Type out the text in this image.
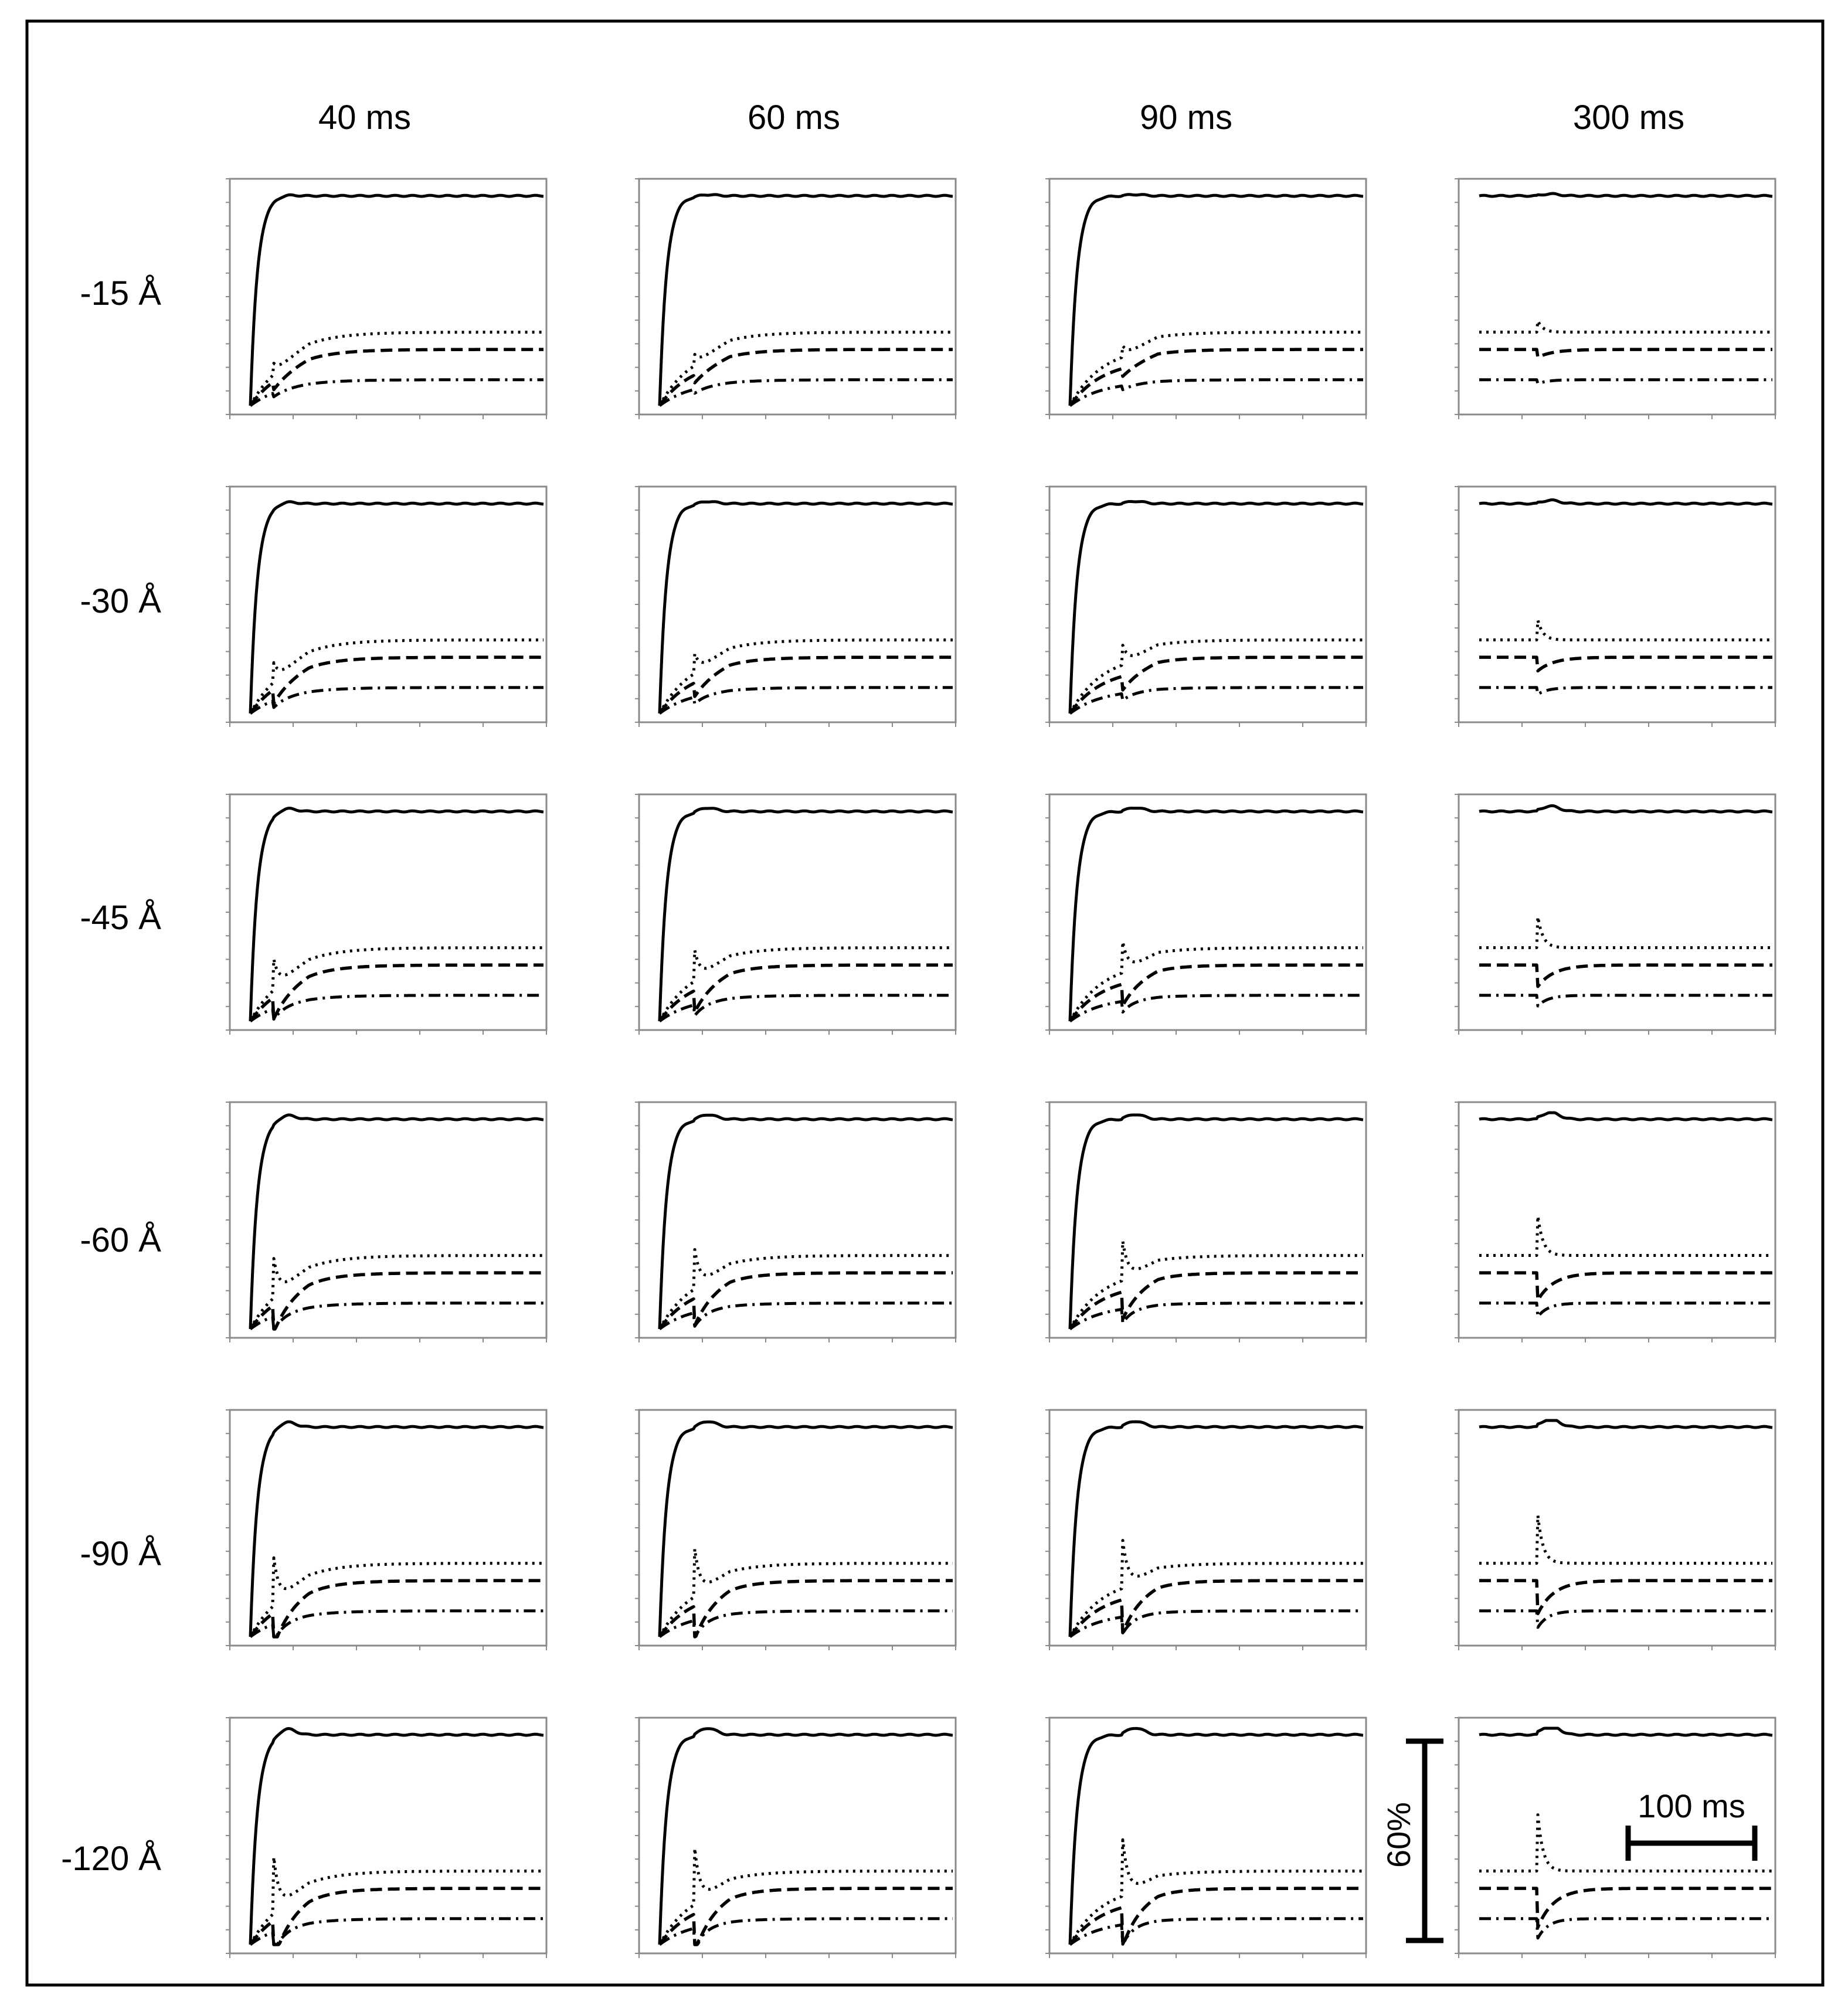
40 ms	60 ms	90 ms	300 ms
-15 Å
-30 Å
-45 Å
-60 Å
-90 Å
-120 Å	60%	100 ms
